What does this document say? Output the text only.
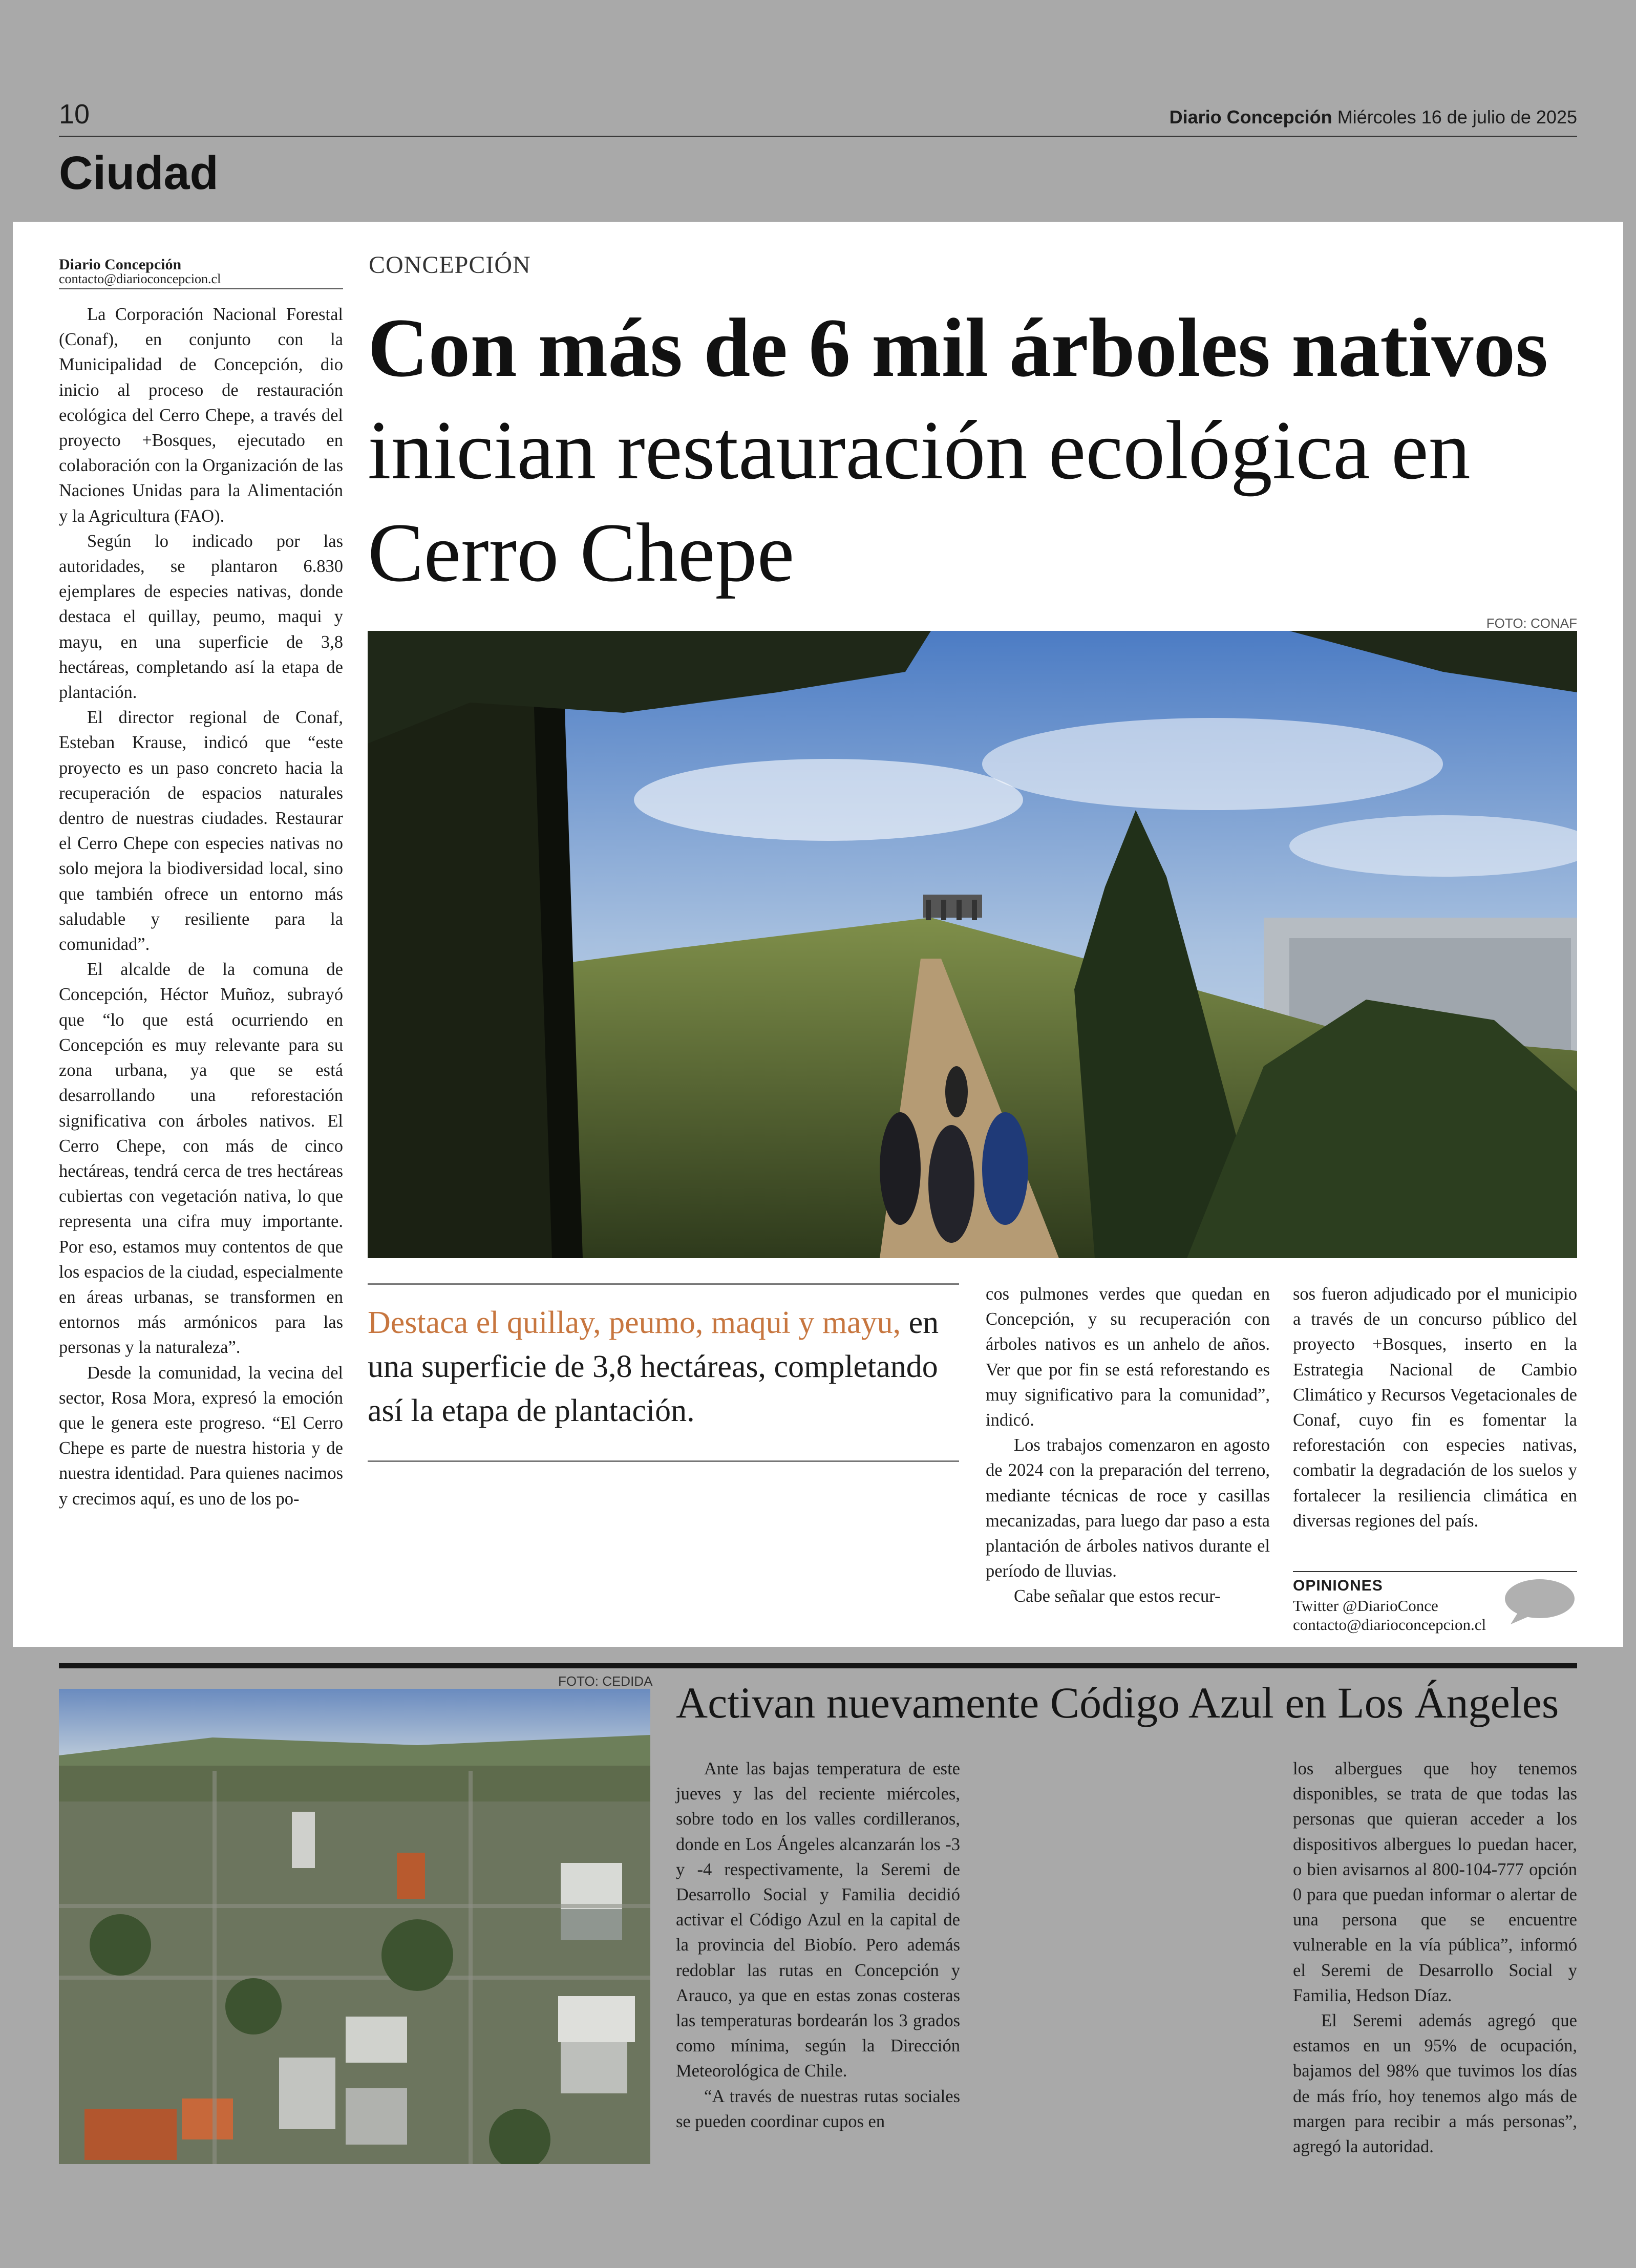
10	Diario Concepción Miércoles 16 de julio de 2025
Ciudad
Diario Concepción
contacto@diarioconcepcion.cl

La Corporación Nacional Forestal (Conaf), en conjunto con la Municipalidad de Concepción, dio inicio al proceso de restauración ecológica del Cerro Chepe, a través del proyecto +Bosques, ejecutado en colaboración con la Organización de las Naciones Unidas para la Alimentación y la Agricultura (FAO).

Según lo indicado por las autoridades, se plantaron 6.830 ejemplares de especies nativas, donde destaca el quillay, peumo, maqui y mayu, en una superficie de 3,8 hectáreas, completando así la etapa de plantación.

El director regional de Conaf, Esteban Krause, indicó que “este proyecto es un paso concreto hacia la recuperación de espacios naturales dentro de nuestras ciudades. Restaurar el Cerro Chepe con especies nativas no solo mejora la biodiversidad local, sino que también ofrece un entorno más saludable y resiliente para la comunidad”.

El alcalde de la comuna de Concepción, Héctor Muñoz, subrayó que “lo que está ocurriendo en Concepción es muy relevante para su zona urbana, ya que se está desarrollando una reforestación significativa con árboles nativos. El Cerro Chepe, con más de cinco hectáreas, tendrá cerca de tres hectáreas cubiertas con vegetación nativa, lo que representa una cifra muy importante. Por eso, estamos muy contentos de que los espacios de la ciudad, especialmente en áreas urbanas, se transformen en entornos más armónicos para las personas y la naturaleza”.

Desde la comunidad, la vecina del sector, Rosa Mora, expresó la emoción que le genera este progreso. “El Cerro Chepe es parte de nuestra historia y de nuestra identidad. Para quienes nacimos y crecimos aquí, es uno de los po-

CONCEPCIÓN
Con más de 6 mil árboles nativos inician restauración ecológica en Cerro Chepe
FOTO: CONAF
Destaca el quillay, peumo, maqui y mayu, en una superficie de 3,8 hectáreas, completando así la etapa de plantación.

cos pulmones verdes que quedan en Concepción, y su recuperación con árboles nativos es un anhelo de años. Ver que por fin se está reforestando es muy significativo para la comunidad”, indicó.

Los trabajos comenzaron en agosto de 2024 con la preparación del terreno, mediante técnicas de roce y casillas mecanizadas, para luego dar paso a esta plantación de árboles nativos durante el período de lluvias.

Cabe señalar que estos recur-

sos fueron adjudicado por el municipio a través de un concurso público del proyecto +Bosques, inserto en la Estrategia Nacional de Cambio Climático y Recursos Vegetacionales de Conaf, cuyo fin es fomentar la reforestación con especies nativas, combatir la degradación de los suelos y fortalecer la resiliencia climática en diversas regiones del país.

OPINIONES
Twitter @DiarioConce
contacto@diarioconcepcion.cl
FOTO: CEDIDA Activan nuevamente Código Azul en Los Ángeles

Ante las bajas temperatura de este jueves y las del reciente miércoles, sobre todo en los valles cordilleranos, donde en Los Ángeles alcanzarán los -3 y -4 respectivamente, la Seremi de Desarrollo Social y Familia decidió activar el Código Azul en la capital de la provincia del Biobío. Pero además redoblar las rutas en Concepción y Arauco, ya que en estas zonas costeras las temperaturas bordearán los 3 grados como mínima, según la Dirección Meteorológica de Chile.

“A través de nuestras rutas sociales se pueden coordinar cupos en

los albergues que hoy tenemos disponibles, se trata de que todas las personas que quieran acceder a los dispositivos albergues lo puedan hacer, o bien avisarnos al 800-104-777 opción 0 para que puedan informar o alertar de una persona que se encuentre vulnerable en la vía pública”, informó el Seremi de Desarrollo Social y Familia, Hedson Díaz.

El Seremi además agregó que estamos en un 95% de ocupación, bajamos del 98% que tuvimos los días de más frío, hoy tenemos algo más de margen para recibir a más personas”, agregó la autoridad.
